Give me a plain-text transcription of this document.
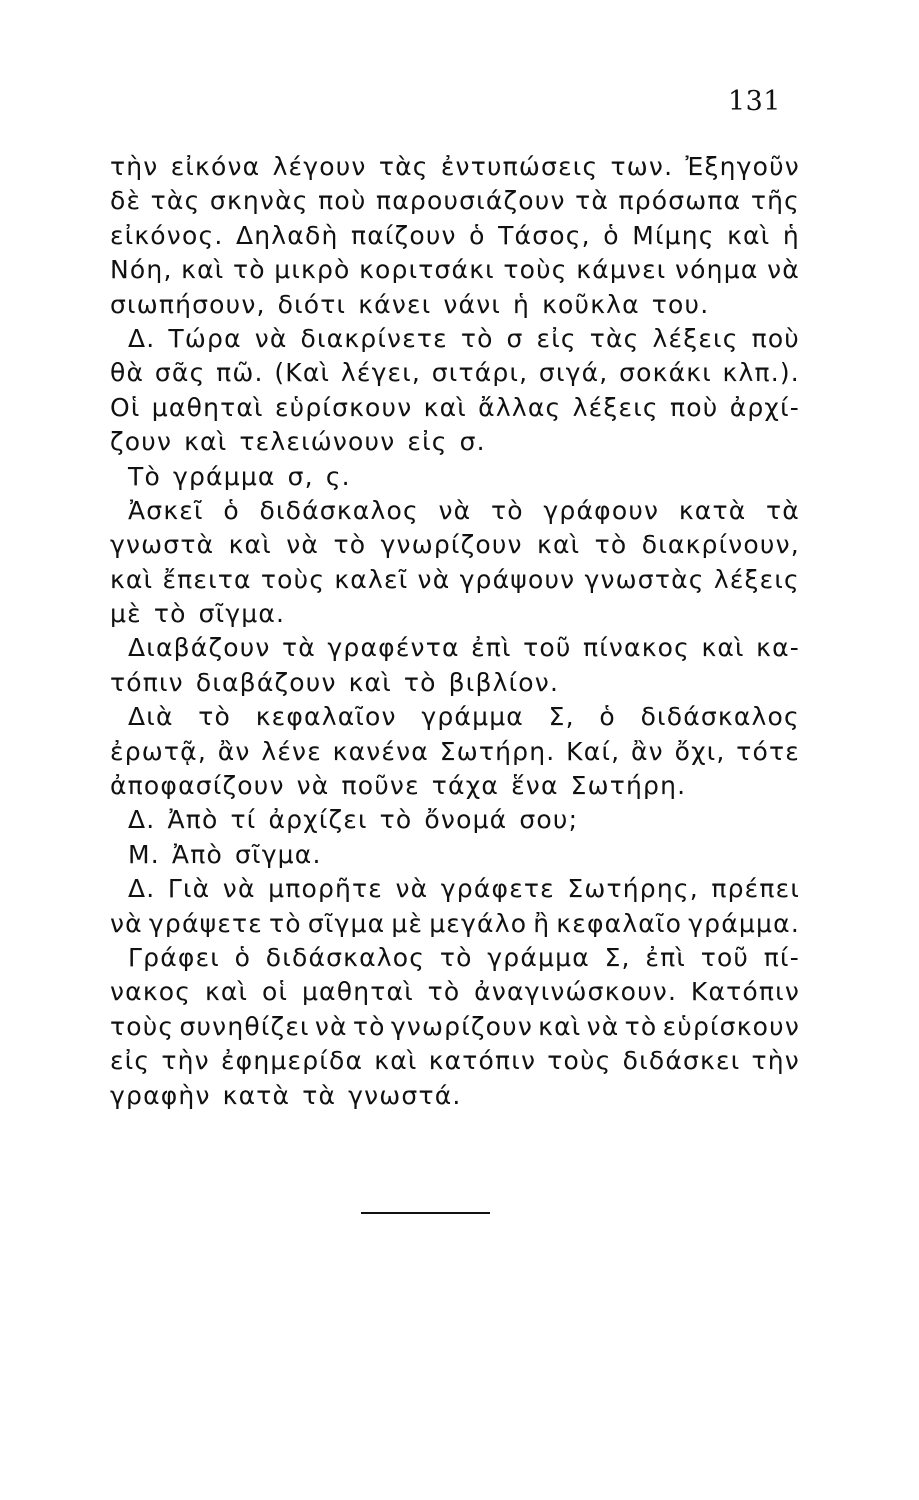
131
τὴν εἰκόνα λέγουν τὰς ἐντυπώσεις των. Ἐξηγοῦν
δὲ τὰς σκηνὰς ποὺ παρουσιάζουν τὰ πρόσωπα τῆς
εἰκόνος. Δηλαδὴ παίζουν ὁ Τάσος, ὁ Μίμης καὶ ἡ
Νόη, καὶ τὸ μικρὸ κοριτσάκι τοὺς κάμνει νόημα νὰ
σιωπήσουν, διότι κάνει νάνι ἡ κοῦκλα του.
Δ. Τώρα νὰ διακρίνετε τὸ σ εἰς τὰς λέξεις ποὺ
θὰ σᾶς πῶ. (Καὶ λέγει, σιτάρι, σιγά, σοκάκι κλπ.).
Οἱ μαθηταὶ εὑρίσκουν καὶ ἄλλας λέξεις ποὺ ἀρχί-
ζουν καὶ τελειώνουν εἰς σ.
Τὸ γράμμα σ, ς.
Ἀσκεῖ ὁ διδάσκαλος νὰ τὸ γράφουν κατὰ τὰ
γνωστὰ καὶ νὰ τὸ γνωρίζουν καὶ τὸ διακρίνουν,
καὶ ἔπειτα τοὺς καλεῖ νὰ γράψουν γνωστὰς λέξεις
μὲ τὸ σῖγμα.
Διαβάζουν τὰ γραφέντα ἐπὶ τοῦ πίνακος καὶ κα-
τόπιν διαβάζουν καὶ τὸ βιβλίον.
Διὰ τὸ κεφαλαῖον γράμμα Σ, ὁ διδάσκαλος
ἐρωτᾷ, ἂν λένε κανένα Σωτήρη. Καί, ἂν ὄχι, τότε
ἀποφασίζουν νὰ ποῦνε τάχα ἕνα Σωτήρη.
Δ. Ἀπὸ τί ἀρχίζει τὸ ὄνομά σου;
Μ. Ἀπὸ σῖγμα.
Δ. Γιὰ νὰ μπορῆτε νὰ γράφετε Σωτήρης, πρέπει
νὰ γράψετε τὸ σῖγμα μὲ μεγάλο ἢ κεφαλαῖο γράμμα.
Γράφει ὁ διδάσκαλος τὸ γράμμα Σ, ἐπὶ τοῦ πί-
νακος καὶ οἱ μαθηταὶ τὸ ἀναγινώσκουν. Κατόπιν
τοὺς συνηθίζει νὰ τὸ γνωρίζουν καὶ νὰ τὸ εὑρίσκουν
εἰς τὴν ἐφημερίδα καὶ κατόπιν τοὺς διδάσκει τὴν
γραφὴν κατὰ τὰ γνωστά.
